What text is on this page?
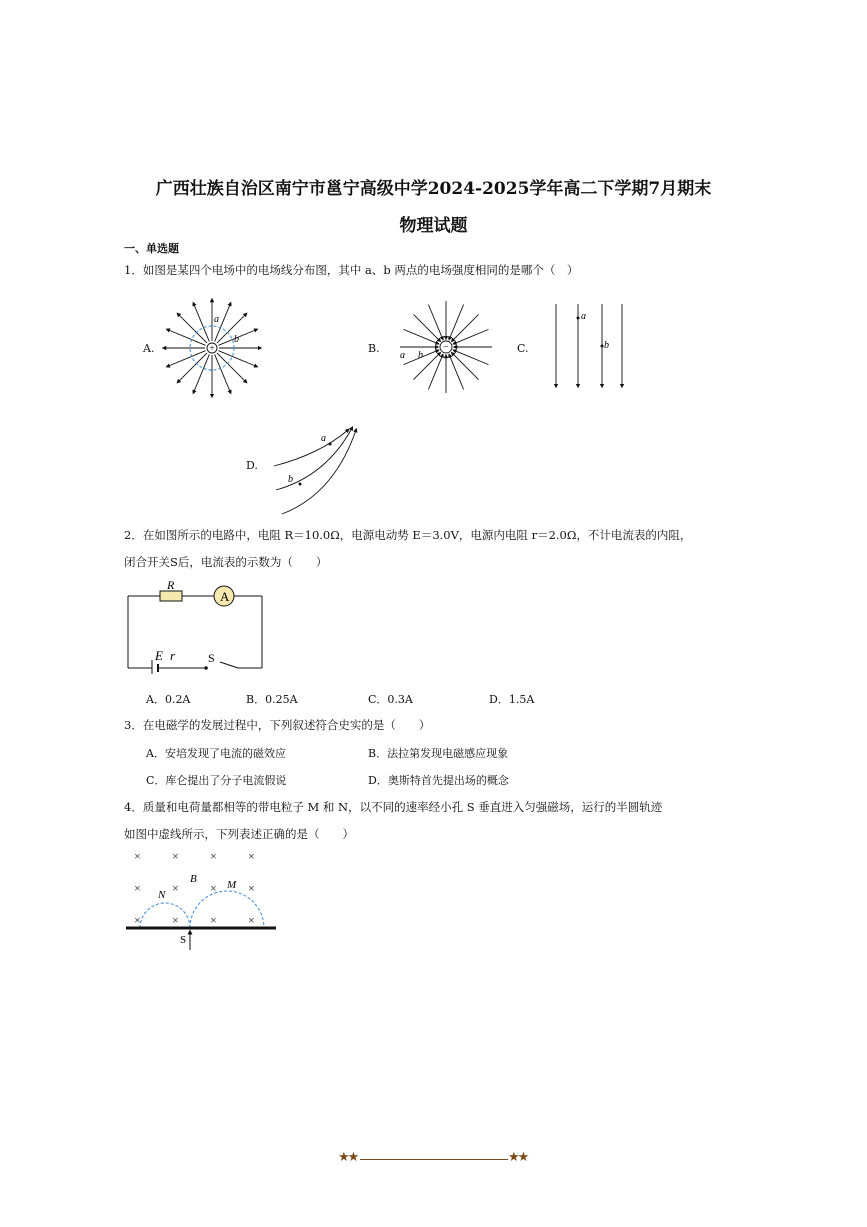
广西壮族自治区南宁市邕宁高级中学2024-2025学年高二下学期7月期末
物理试题
一、单选题
1．如图是某四个电场中的电场线分布图，其中 a、b 两点的电场强度相同的是哪个（　）
A.	B.	C.
D.
+
a
b
−
a b
a
b
a
b
2．在如图所示的电路中，电阻 R＝10.0Ω，电源电动势 E＝3.0V，电源内电阻 r＝2.0Ω，不计电流表的内阻，
闭合开关S后，电流表的示数为（　　）
R
A
E r	S
A．0.2A	B．0.25A	C．0.3A	D．1.5A
3．在电磁学的发展过程中，下列叙述符合史实的是（　　）
A．安培发现了电流的磁效应	B．法拉第发现电磁感应现象
C．库仑提出了分子电流假说	D．奥斯特首先提出场的概念
4．质量和电荷量都相等的带电粒子 M 和 N，以不同的速率经小孔 S 垂直进入匀强磁场，运行的半圆轨迹
如图中虚线所示，下列表述正确的是（　　）
×	×	×	×
×	×	×	×
×	×	×	×
B	M
N
S
★★	★★
